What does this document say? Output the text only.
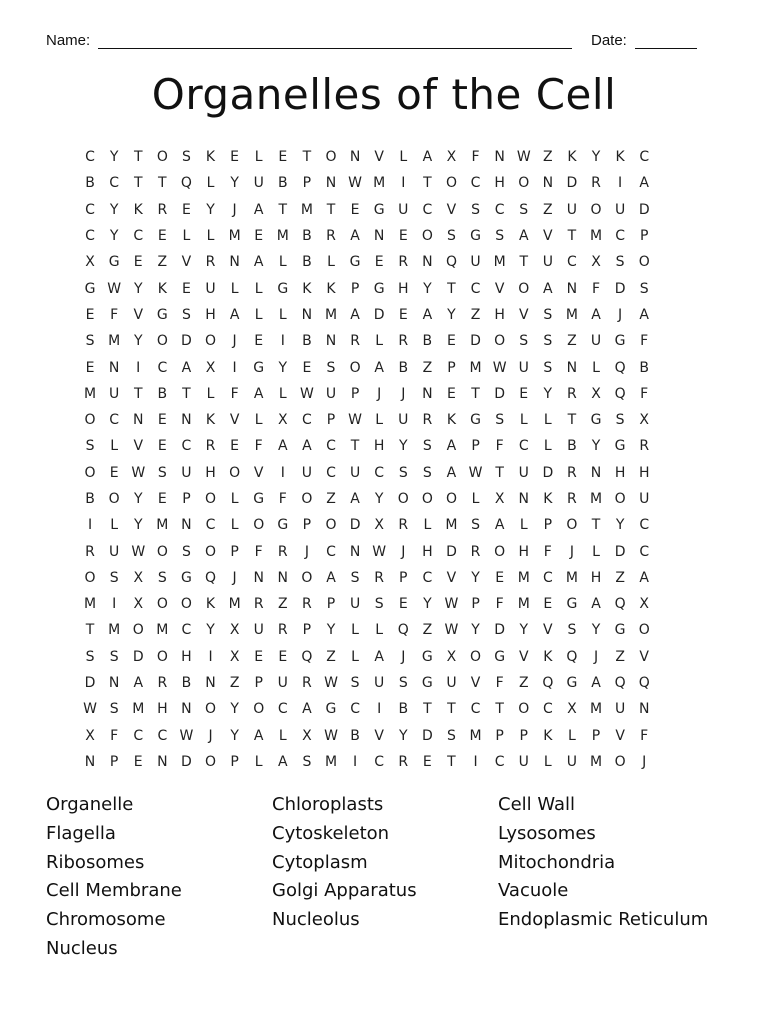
Name:	Date:
Organelles of the Cell
C	Y	T	O	S	K	E	L	E	T	O N	V	L	A	X	F	N W Z	K	Y	K	C
B	C	T	T	Q	L	Y	U	B	P	N W M	I	T	O C H O N D R	I	A
C	Y	K	R	E	Y	J	A	T M T	E	G U	C	V	S	C	S	Z	U O U D
C	Y	C	E	L	L	M E M B	R	A	N	E	O	S	G	S	A	V	T M C	P
X G	E	Z	V	R N	A	L	B	L	G	E	R N Q U M T	U	C	X	S	O
G W Y	K	E	U	L	L	G	K	K	P	G H	Y	T	C	V O A	N	F	D	S
E	F	V G	S	H	A	L	L	N M A D	E	A	Y	Z	H	V	S M A	J	A
S M Y	O D O	J	E	I	B	N R	L	R	B	E	D O	S	S	Z	U G	F
E	N	I	C	A	X	I	G	Y	E	S	O A	B	Z	P M W U	S	N	L	Q B
M U	T	B	T	L	F	A	L W U	P	J	J	N	E	T	D	E	Y	R	X Q	F
O C N	E	N	K	V	L	X	C	P W L	U	R	K	G	S	L	L	T	G	S	X
S	L	V	E	C	R	E	F	A	A	C	T	H	Y	S	A	P	F	C	L	B	Y	G R
O	E W S	U H O V	I	U	C	U	C	S	S	A W T	U D R N H H
B O	Y	E	P	O	L	G	F	O Z	A	Y	O O O	L	X	N	K	R M O U
I	L	Y M N C	L	O G	P	O D X	R	L	M S	A	L	P	O	T	Y	C
R	U W O	S	O	P	F	R	J	C N W	J	H D R O H	F	J	L	D C
O	S	X	S	G Q	J	N N O A	S	R	P	C	V	Y	E M C M H	Z	A
M	I	X O O K M R	Z	R	P	U	S	E	Y W P	F	M E	G A Q X
T M O M C	Y	X	U	R	P	Y	L	L	Q Z W Y	D	Y	V	S	Y	G O
S	S	D O H	I	X	E	E	Q Z	L	A	J	G X O G V	K Q	J	Z	V
D N	A	R	B	N	Z	P	U	R W S	U	S	G U	V	F	Z Q G A Q Q
W S M H N O	Y	O C	A G C	I	B	T	T	C	T	O C	X M U N
X	F	C	C W	J	Y	A	L	X W B	V	Y	D	S M P	P	K	L	P	V	F
N	P	E	N D O	P	L	A	S M	I	C	R	E	T	I	C	U	L	U M O	J
Organelle	Chloroplasts	Cell Wall
Flagella	Cytoskeleton	Lysosomes
Ribosomes	Cytoplasm	Mitochondria
Cell Membrane	Golgi Apparatus	Vacuole
Chromosome	Nucleolus	Endoplasmic Reticulum
Nucleus
